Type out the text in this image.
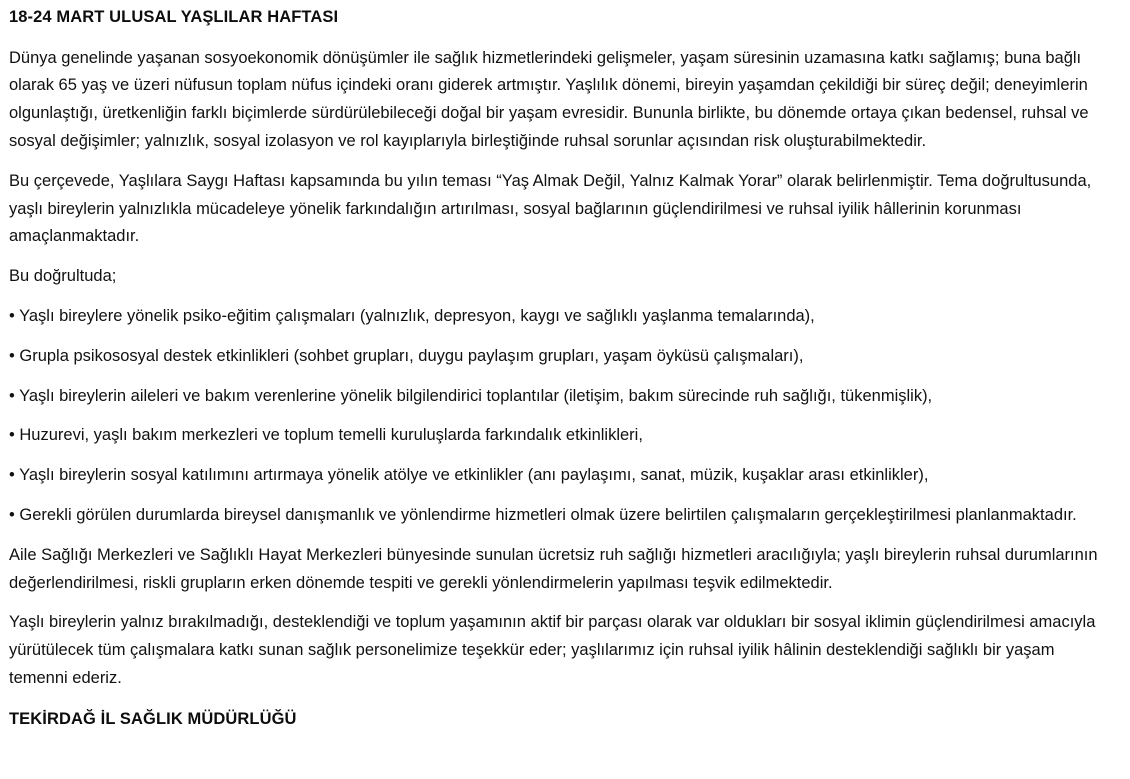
18-24 MART ULUSAL YAŞLILAR HAFTASI

Dünya genelinde yaşanan sosyoekonomik dönüşümler ile sağlık hizmetlerindeki gelişmeler, yaşam süresinin uzamasına katkı sağlamış; buna bağlı olarak 65 yaş ve üzeri nüfusun toplam nüfus içindeki oranı giderek artmıştır. Yaşlılık dönemi, bireyin yaşamdan çekildiği bir süreç değil; deneyimlerin olgunlaştığı, üretkenliğin farklı biçimlerde sürdürülebileceği doğal bir yaşam evresidir. Bununla birlikte, bu dönemde ortaya çıkan bedensel, ruhsal ve sosyal değişimler; yalnızlık, sosyal izolasyon ve rol kayıplarıyla birleştiğinde ruhsal sorunlar açısından risk oluşturabilmektedir.

Bu çerçevede, Yaşlılara Saygı Haftası kapsamında bu yılın teması “Yaş Almak Değil, Yalnız Kalmak Yorar” olarak belirlenmiştir. Tema doğrultusunda, yaşlı bireylerin yalnızlıkla mücadeleye yönelik farkındalığın artırılması, sosyal bağlarının güçlendirilmesi ve ruhsal iyilik hâllerinin korunması amaçlanmaktadır.

Bu doğrultuda;

• Yaşlı bireylere yönelik psiko-eğitim çalışmaları (yalnızlık, depresyon, kaygı ve sağlıklı yaşlanma temalarında),
• Grupla psikososyal destek etkinlikleri (sohbet grupları, duygu paylaşım grupları, yaşam öyküsü çalışmaları),
• Yaşlı bireylerin aileleri ve bakım verenlerine yönelik bilgilendirici toplantılar (iletişim, bakım sürecinde ruh sağlığı, tükenmişlik),
• Huzurevi, yaşlı bakım merkezleri ve toplum temelli kuruluşlarda farkındalık etkinlikleri,
• Yaşlı bireylerin sosyal katılımını artırmaya yönelik atölye ve etkinlikler (anı paylaşımı, sanat, müzik, kuşaklar arası etkinlikler),
• Gerekli görülen durumlarda bireysel danışmanlık ve yönlendirme hizmetleri olmak üzere belirtilen çalışmaların gerçekleştirilmesi planlanmaktadır.

Aile Sağlığı Merkezleri ve Sağlıklı Hayat Merkezleri bünyesinde sunulan ücretsiz ruh sağlığı hizmetleri aracılığıyla; yaşlı bireylerin ruhsal durumlarının değerlendirilmesi, riskli grupların erken dönemde tespiti ve gerekli yönlendirmelerin yapılması teşvik edilmektedir.

Yaşlı bireylerin yalnız bırakılmadığı, desteklendiği ve toplum yaşamının aktif bir parçası olarak var oldukları bir sosyal iklimin güçlendirilmesi amacıyla yürütülecek tüm çalışmalara katkı sunan sağlık personelimize teşekkür eder; yaşlılarımız için ruhsal iyilik hâlinin desteklendiği sağlıklı bir yaşam temenni ederiz.

TEKİRDAĞ İL SAĞLIK MÜDÜRLÜĞÜ
